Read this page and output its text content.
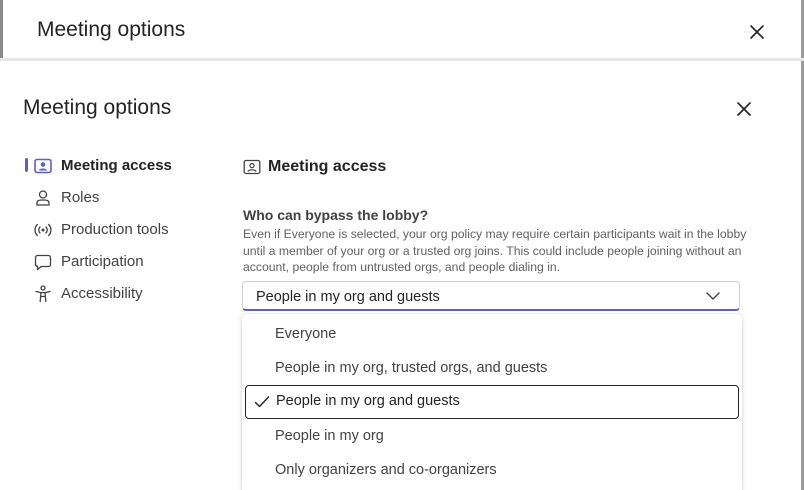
Meeting options
Meeting options
Meeting access
Roles
Production tools
Participation
Accessibility
Meeting access
Who can bypass the lobby?
Even if Everyone is selected, your org policy may require certain participants wait in the lobby until a member of your org or a trusted org joins. This could include people joining without an account, people from untrusted orgs, and people dialing in.
People in my org and guests
Everyone
People in my org, trusted orgs, and guests
People in my org and guests
People in my org
Only organizers and co-organizers
